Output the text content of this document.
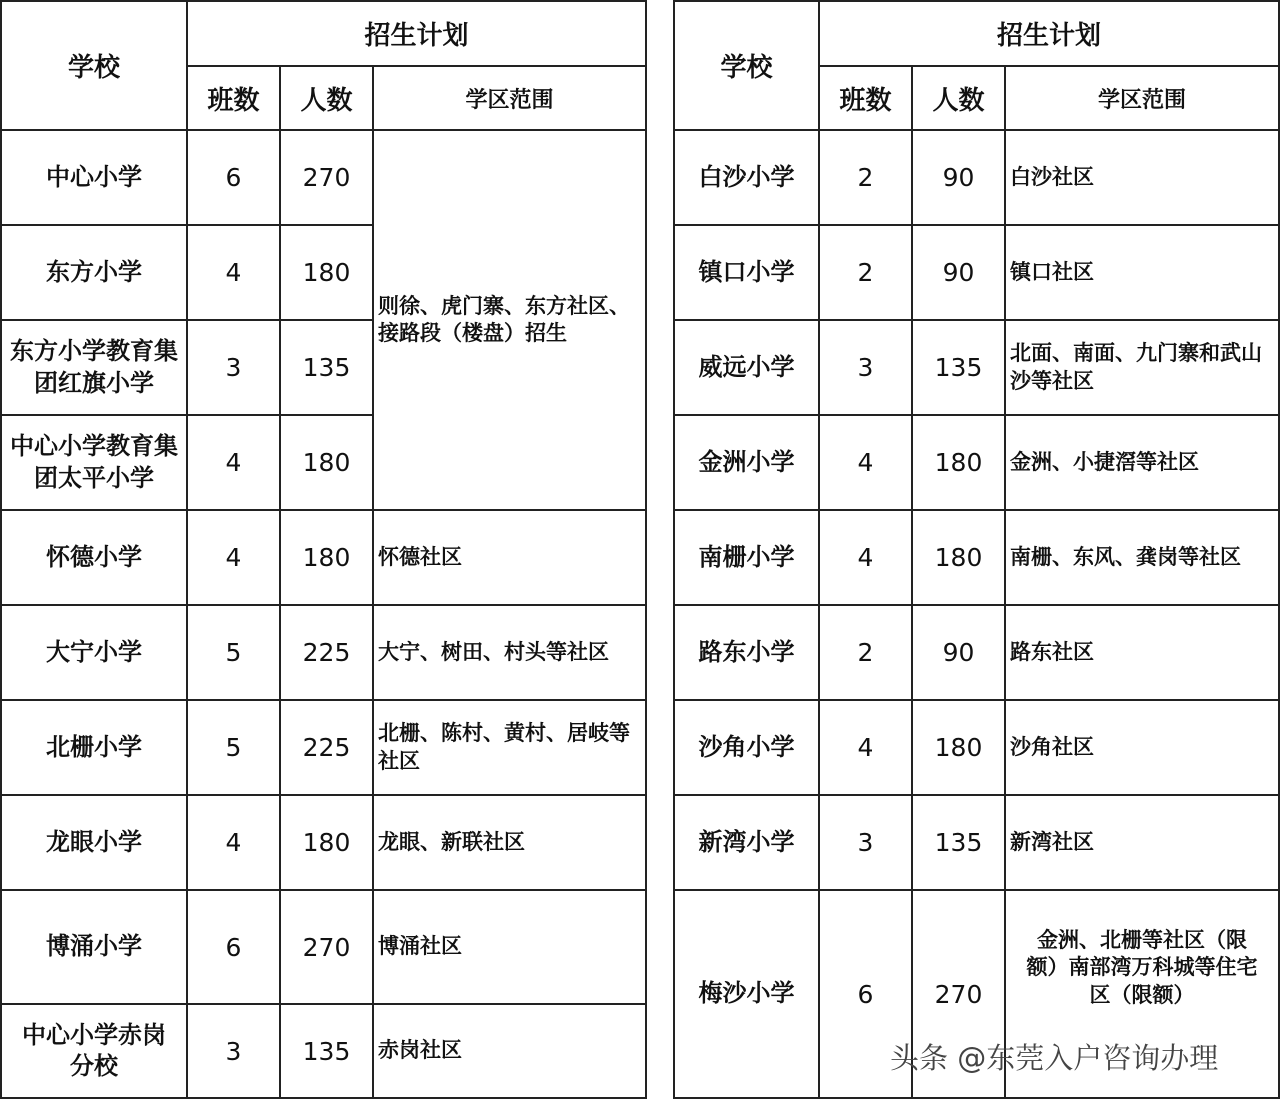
学校	招生计划		
	班数	人数	学区范围
中心小学	6	270	则徐、虎门寨、东方社区、接路段（楼盘）招生
东方小学	4	180	
东方小学教育集团红旗小学	3	135	
中心小学教育集团太平小学	4	180	
怀德小学	4	180	怀德社区
大宁小学	5	225	大宁、树田、村头等社区
北栅小学	5	225	北栅、陈村、黄村、居岐等社区
龙眼小学	4	180	龙眼、新联社区
博涌小学	6	270	博涌社区
中心小学赤岗分校	3	135	赤岗社区
学校	招生计划		
	班数	人数	学区范围
白沙小学	2	90	白沙社区
镇口小学	2	90	镇口社区
威远小学	3	135	北面、南面、九门寨和武山沙等社区
金洲小学	4	180	金洲、小捷滘等社区
南栅小学	4	180	南栅、东风、龚岗等社区
路东小学	2	90	路东社区
沙角小学	4	180	沙角社区
新湾小学	3	135	新湾社区
梅沙小学	6	270	金洲、北栅等社区（限额）南部湾万科城等住宅区（限额）
头条 @东莞入户咨询办理
